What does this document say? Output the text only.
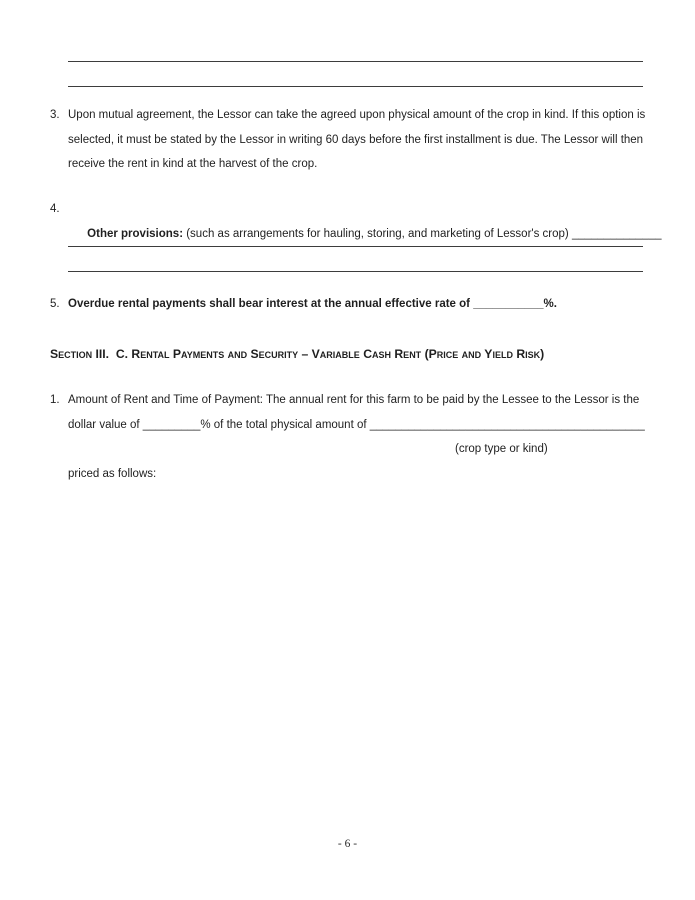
3. Upon mutual agreement, the Lessor can take the agreed upon physical amount of the crop in kind. If this option is
selected, it must be stated by the Lessor in writing 60 days before the first installment is due. The Lessor will then
receive the rent in kind at the harvest of the crop.
4.

Other provisions: (such as arrangements for hauling, storing, and marketing of Lessor's crop) ______________

5. Overdue rental payments shall bear interest at the annual effective rate of ___________%.
Section III.  C. Rental Payments and Security – Variable Cash Rent (Price and Yield Risk)
1. Amount of Rent and Time of Payment: The annual rent for this farm to be paid by the Lessee to the Lessor is the
dollar value of _________% of the total physical amount of ___________________________________________
(crop type or kind)
priced as follows:
- 6 -
